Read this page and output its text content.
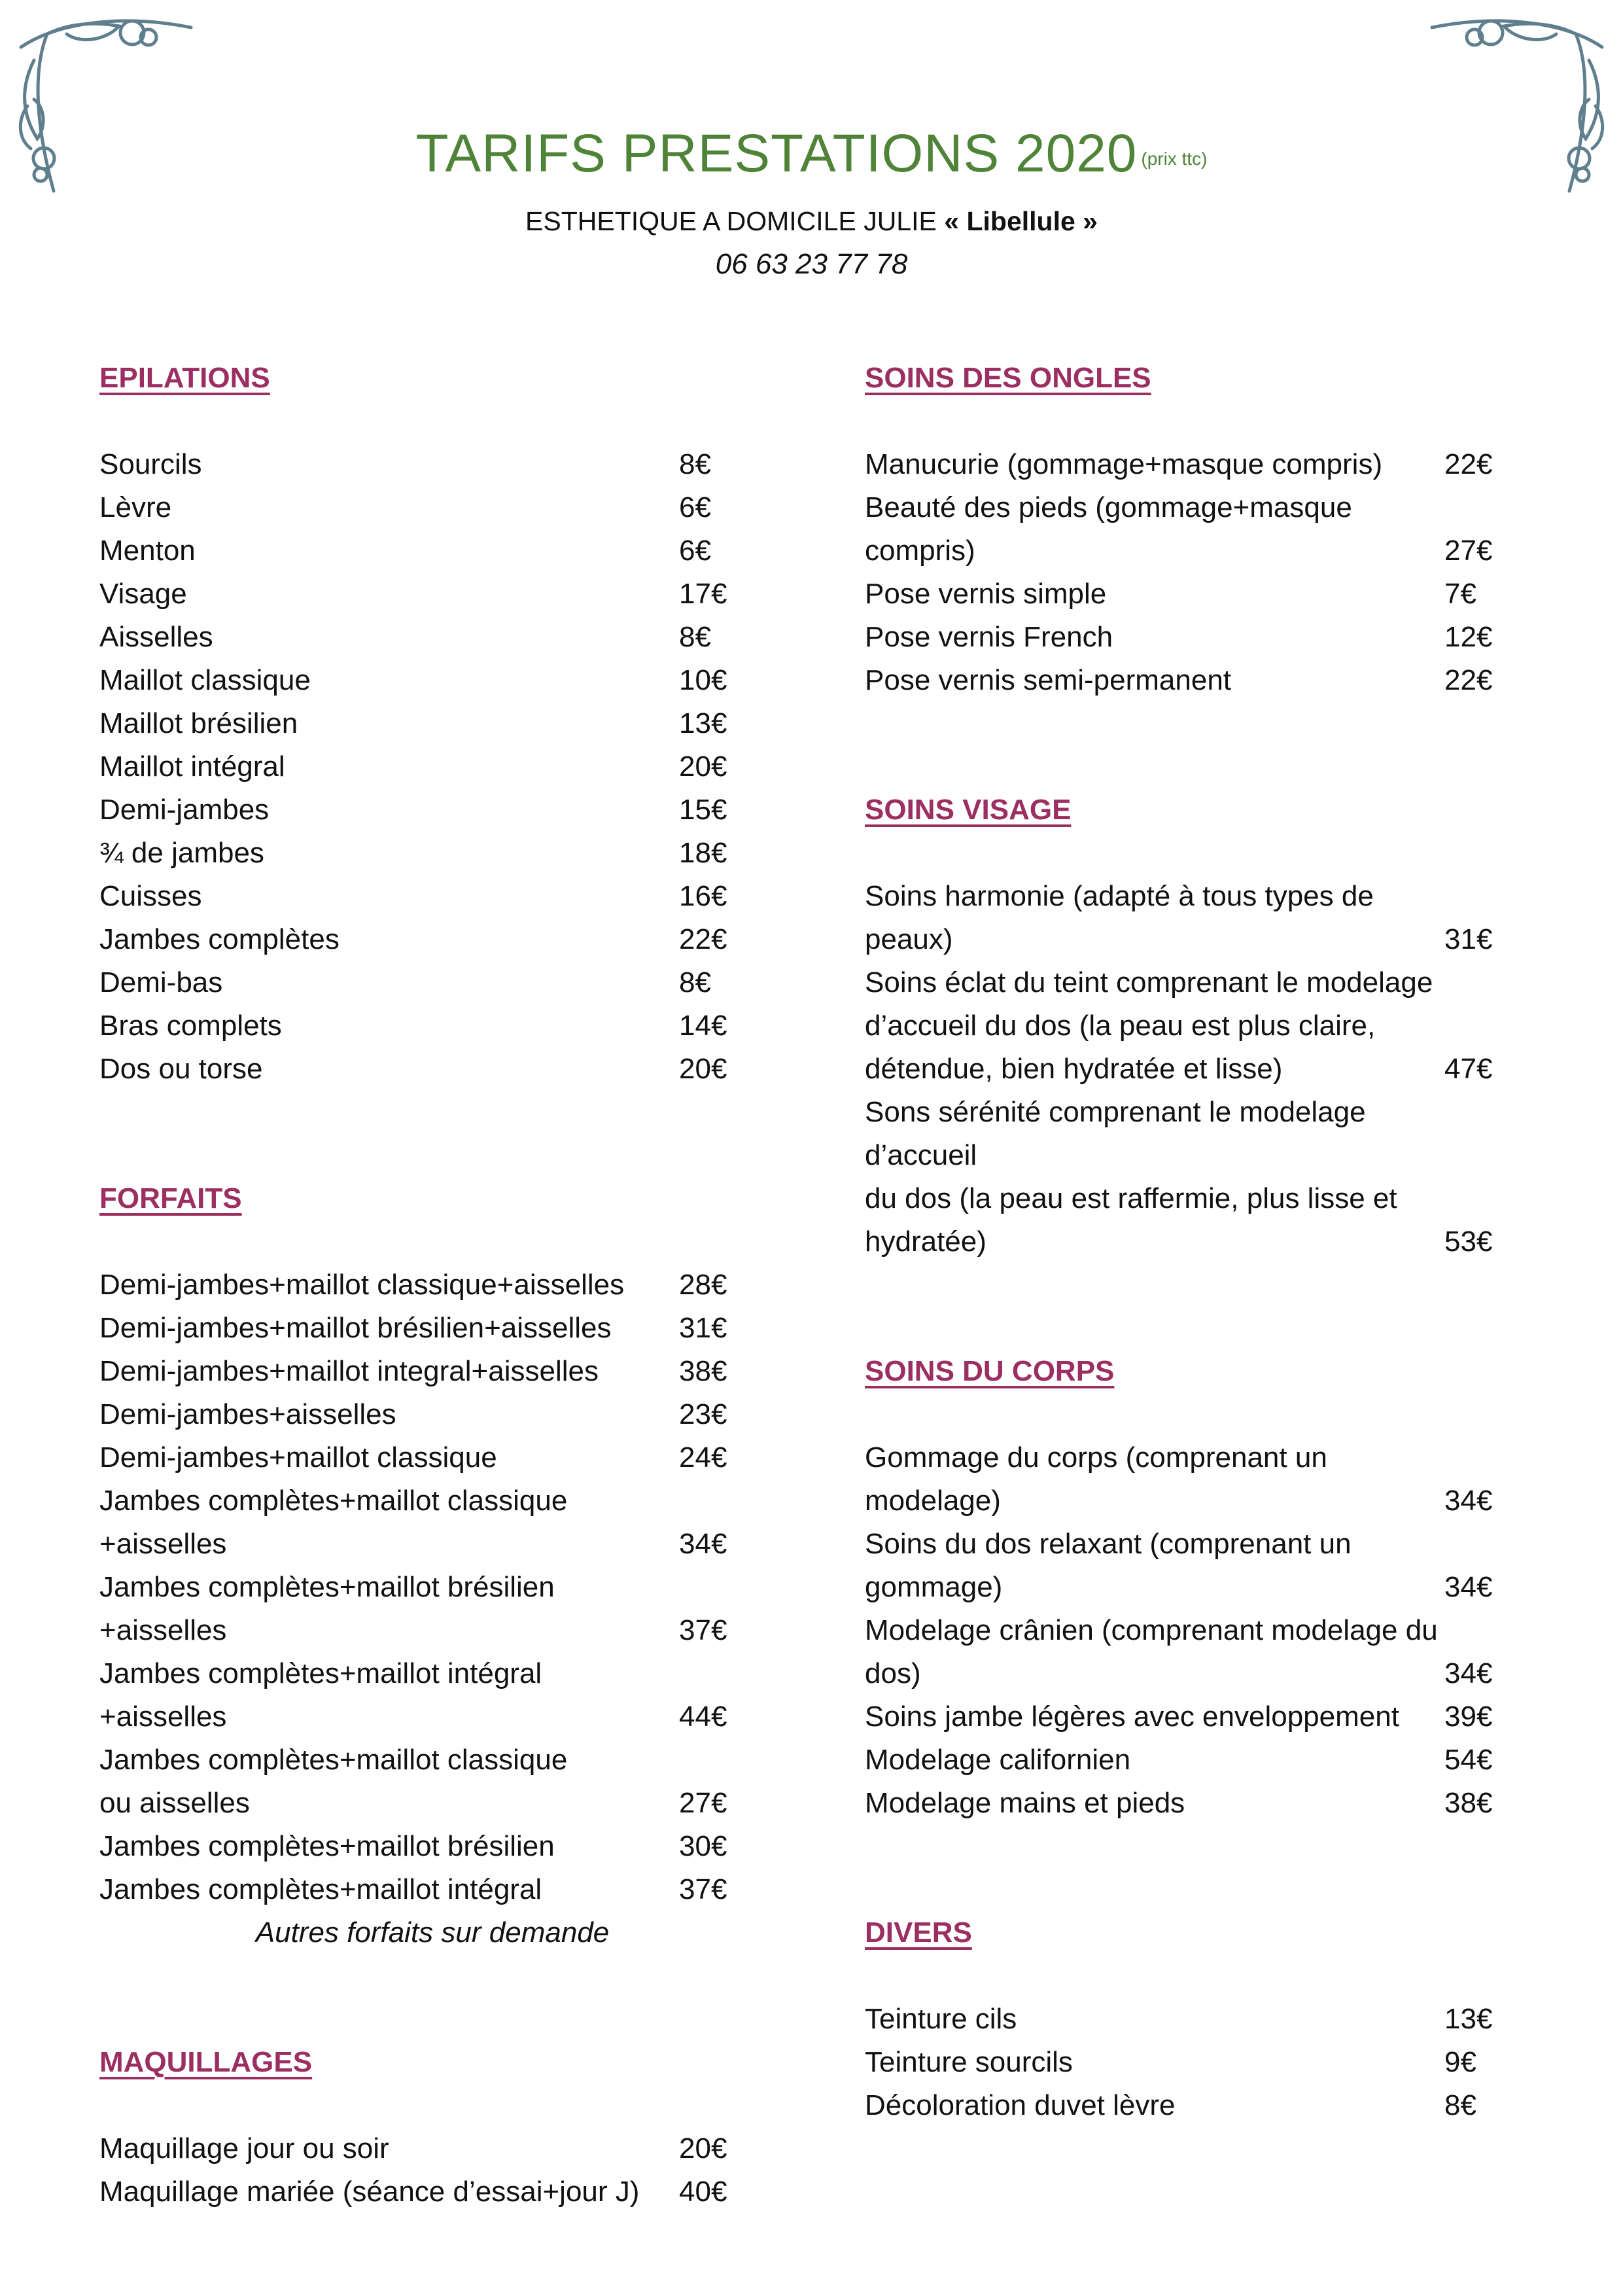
TARIFS PRESTATIONS 2020 (prix ttc)
ESTHETIQUE A DOMICILE JULIE « Libellule »
06 63 23 77 78
EPILATIONS
Sourcils	8€
Lèvre	6€
Menton	6€
Visage	17€
Aisselles	8€
Maillot classique	10€
Maillot brésilien	13€
Maillot intégral	20€
Demi-jambes	15€
¾ de jambes	18€
Cuisses	16€
Jambes complètes	22€
Demi-bas	8€
Bras complets	14€
Dos ou torse	20€
FORFAITS
Demi-jambes+maillot classique+aisselles	28€
Demi-jambes+maillot brésilien+aisselles	31€
Demi-jambes+maillot integral+aisselles	38€
Demi-jambes+aisselles	23€
Demi-jambes+maillot classique	24€
Jambes complètes+maillot classique
+aisselles	34€
Jambes complètes+maillot brésilien
+aisselles	37€
Jambes complètes+maillot intégral
+aisselles	44€
Jambes complètes+maillot classique
ou aisselles	27€
Jambes complètes+maillot brésilien	30€
Jambes complètes+maillot intégral	37€
Autres forfaits sur demande
MAQUILLAGES
Maquillage jour ou soir	20€
Maquillage mariée (séance d’essai+jour J)	40€
SOINS DES ONGLES
Manucurie (gommage+masque compris)	22€
Beauté des pieds (gommage+masque
compris)	27€
Pose vernis simple	7€
Pose vernis French	12€
Pose vernis semi-permanent	22€
SOINS VISAGE
Soins harmonie (adapté à tous types de
peaux)	31€
Soins éclat du teint comprenant le modelage
d’accueil du dos (la peau est plus claire,
détendue, bien hydratée et lisse)	47€
Sons sérénité comprenant le modelage d’accueil
du dos (la peau est raffermie, plus lisse et
hydratée)	53€
SOINS DU CORPS
Gommage du corps (comprenant un
modelage)	34€
Soins du dos relaxant (comprenant un
gommage)	34€
Modelage crânien (comprenant modelage du
dos)	34€
Soins jambe légères avec enveloppement	39€
Modelage californien	54€
Modelage mains et pieds	38€
DIVERS
Teinture cils	13€
Teinture sourcils	9€
Décoloration duvet lèvre	8€
